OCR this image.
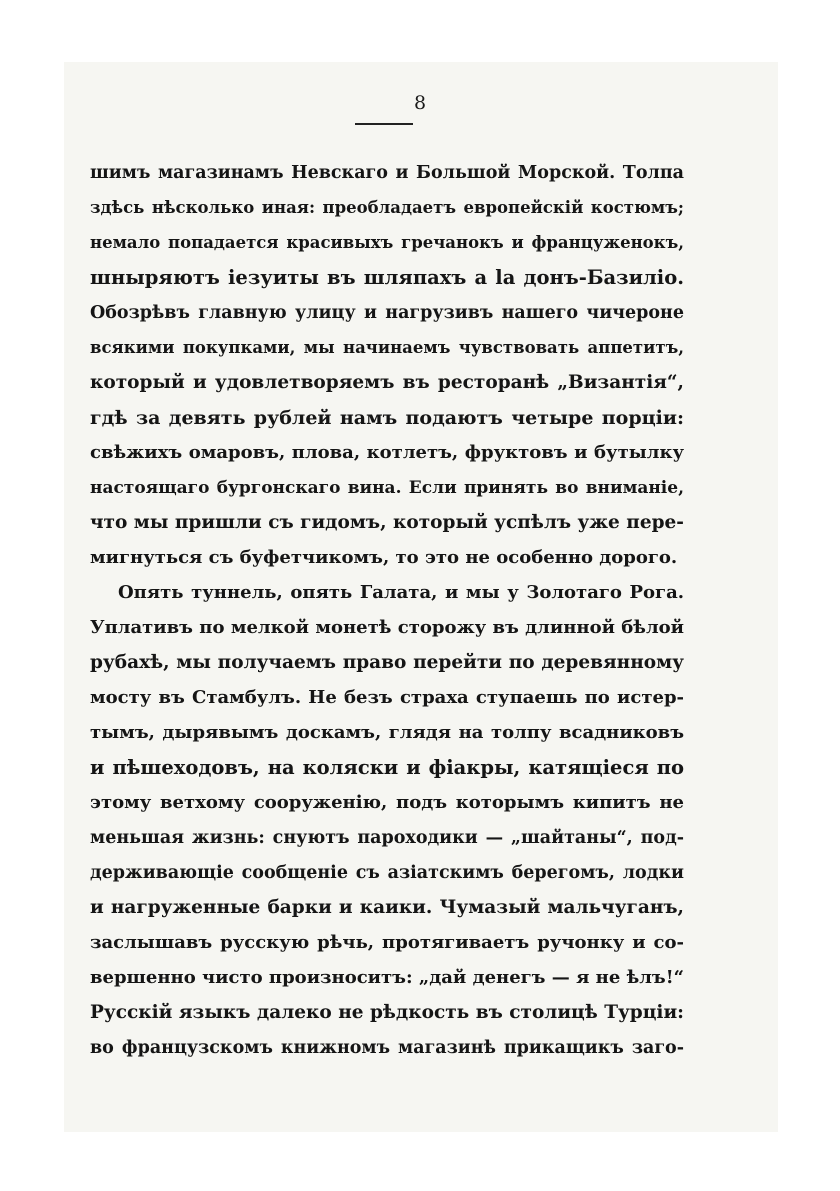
8
шимъ магазинамъ Невскаго и Большой Морской. Толпа
здѣсь нѣсколько иная: преобладаетъ европейскій костюмъ;
немало попадается красивыхъ гречанокъ и француженокъ,
шныряютъ іезуиты въ шляпахъ а la донъ-Базиліо.
Обозрѣвъ главную улицу и нагрузивъ нашего чичероне
всякими покупками, мы начинаемъ чувствовать аппетитъ,
который и удовлетворяемъ въ ресторанѣ „Византія“,
гдѣ за девять рублей намъ подаютъ четыре порціи:
свѣжихъ омаровъ, плова, котлетъ, фруктовъ и бутылку
настоящаго бургонскаго вина. Если принять во вниманіе,
что мы пришли съ гидомъ, который успѣлъ уже пере-
мигнуться съ буфетчикомъ, то это не особенно дорого.
Опять туннель, опять Галата, и мы у Золотаго Рога.
Уплативъ по мелкой монетѣ сторожу въ длинной бѣлой
рубахѣ, мы получаемъ право перейти по деревянному
мосту въ Стамбулъ. Не безъ страха ступаешь по истер-
тымъ, дырявымъ доскамъ, глядя на толпу всадниковъ
и пѣшеходовъ, на коляски и фіакры, катящіеся по
этому ветхому сооруженію, подъ которымъ кипитъ не
меньшая жизнь: снуютъ пароходики — „шайтаны“, под-
держивающіе сообщеніе съ азіатскимъ берегомъ, лодки
и нагруженные барки и каики. Чумазый мальчуганъ,
заслышавъ русскую рѣчь, протягиваетъ ручонку и со-
вершенно чисто произноситъ: „дай денегъ — я не ѣлъ!“
Русскій языкъ далеко не рѣдкость въ столицѣ Турціи:
во французскомъ книжномъ магазинѣ прикащикъ заго-
